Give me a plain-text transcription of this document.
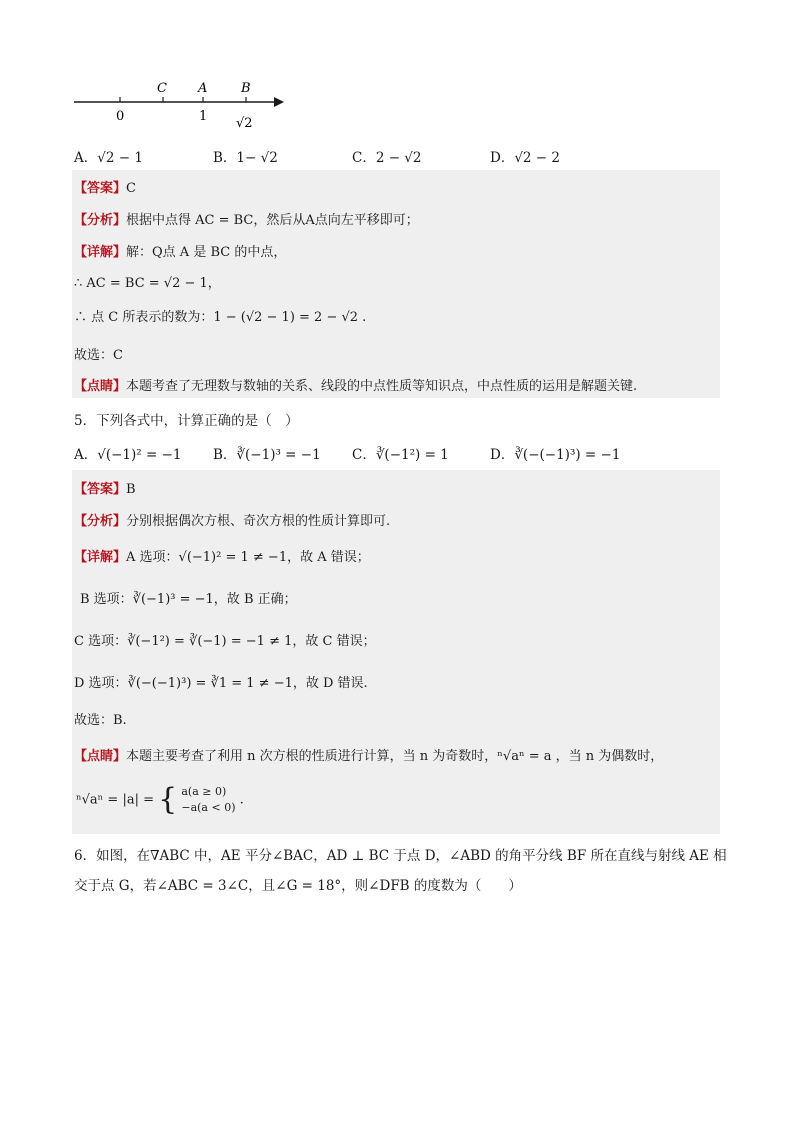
C A	B
0	1 √2
A．√2 − 1	B．1− √2	C．2 − √2	D．√2 − 2
【答案】C
【分析】根据中点得 AC = BC，然后从A点向左平移即可；
【详解】解：Q点 A 是 BC 的中点，
∴ AC = BC = √2 − 1，
∴ 点 C 所表示的数为：1 − (√2 − 1) = 2 − √2 .
故选：C
【点睛】本题考查了无理数与数轴的关系、线段的中点性质等知识点，中点性质的运用是解题关键.
5．下列各式中，计算正确的是（　）
A．√(−1)² = −1 B．∛(−1)³ = −1 C．∛(−1²) = 1	D．∛(−(−1)³) = −1
【答案】B
【分析】分别根据偶次方根、奇次方根的性质计算即可.
【详解】A 选项：√(−1)² = 1 ≠ −1，故 A 错误；
B 选项：∛(−1)³ = −1，故 B 正确；
C 选项：∛(−1²) = ∛(−1) = −1 ≠ 1，故 C 错误；
D 选项：∛(−(−1)³) = ∛1 = 1 ≠ −1，故 D 错误.
故选：B.
【点睛】本题主要考查了利用 n 次方根的性质进行计算，当 n 为奇数时，ⁿ√aⁿ = a ，当 n 为偶数时，
ⁿ√aⁿ = |a| = { a(a ≥ 0)
−a(a < 0) .
6．如图，在∇ABC 中，AE 平分∠BAC，AD ⊥ BC 于点 D，∠ABD 的角平分线 BF 所在直线与射线 AE 相
交于点 G，若∠ABC = 3∠C，且∠G = 18°，则∠DFB 的度数为（　　）
